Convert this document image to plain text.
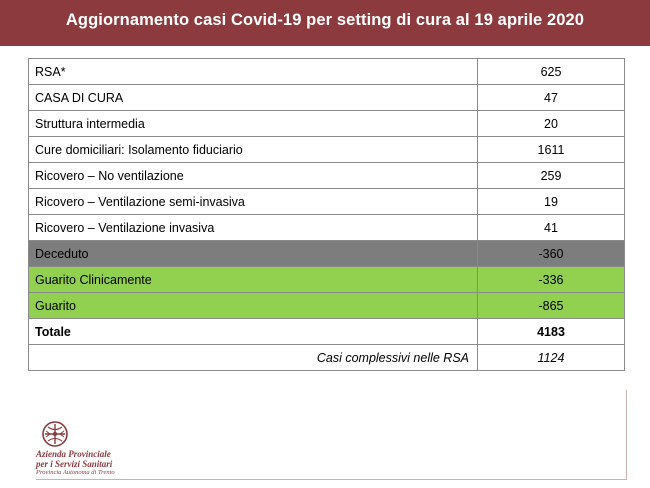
Aggiornamento casi Covid-19 per setting di cura al 19 aprile 2020
RSA*	625
CASA DI CURA	47
Struttura intermedia	20
Cure domiciliari: Isolamento fiduciario	1611
Ricovero – No ventilazione	259
Ricovero – Ventilazione semi-invasiva	19
Ricovero – Ventilazione invasiva	41
Deceduto	-360
Guarito Clinicamente	-336
Guarito	-865
Totale	4183
Casi complessivi nelle RSA	1124
Azienda Provinciale
per i Servizi Sanitari
Provincia Autonoma di Trento
